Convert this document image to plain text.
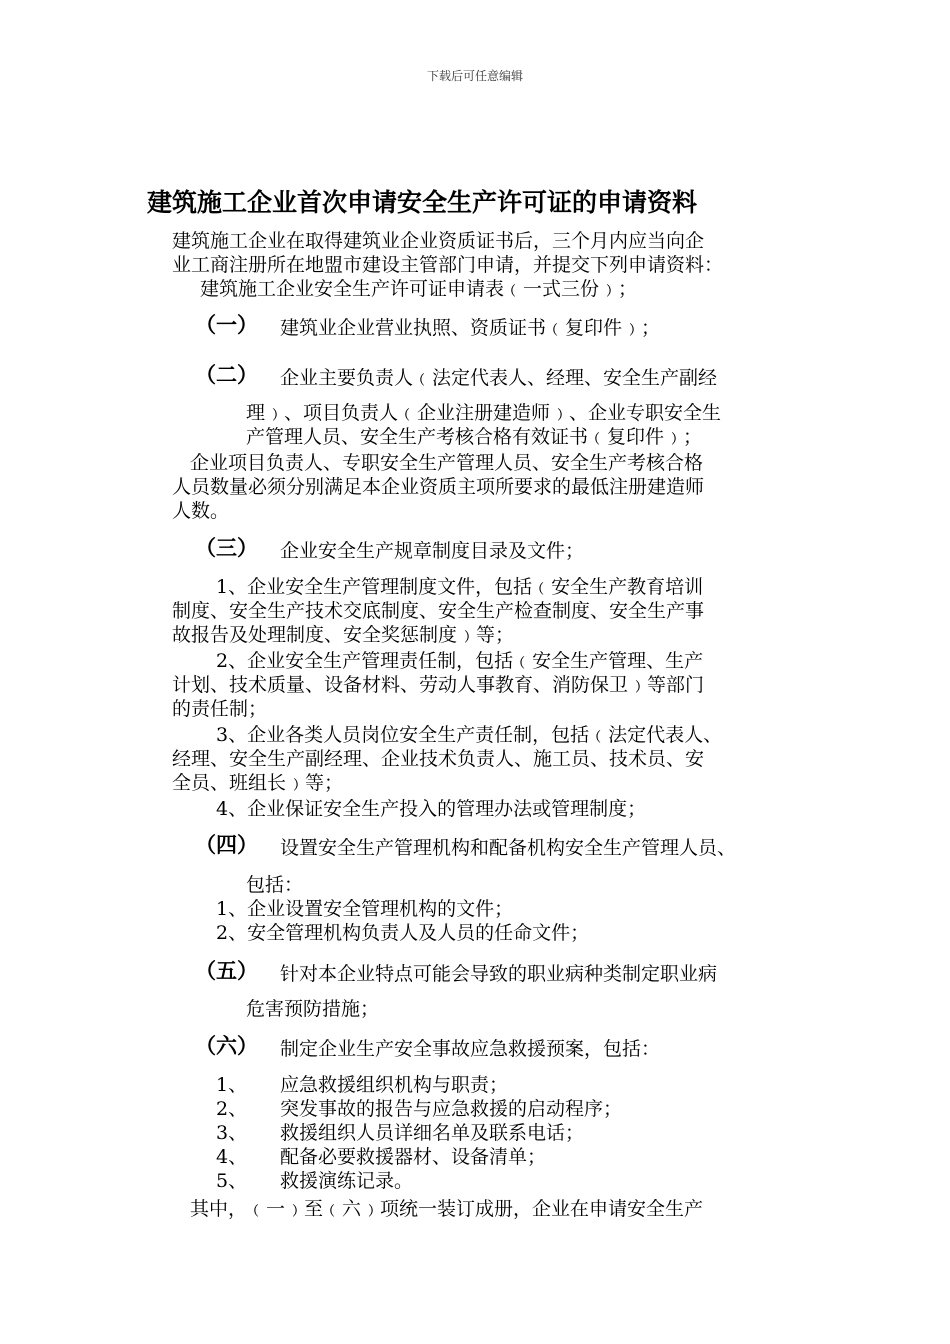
下载后可任意编辑
建筑施工企业首次申请安全生产许可证的申请资料
建筑施工企业在取得建筑业企业资质证书后，三个月内应当向企
业工商注册所在地盟市建设主管部门申请，并提交下列申请资料：
建筑施工企业安全生产许可证申请表﹙一式三份﹚；
（一） 建筑业企业营业执照、资质证书﹙复印件﹚；
（二） 企业主要负责人﹙法定代表人、经理、安全生产副经
理﹚、项目负责人﹙企业注册建造师﹚、企业专职安全生
产管理人员、安全生产考核合格有效证书﹙复印件﹚；
企业项目负责人、专职安全生产管理人员、安全生产考核合格
人员数量必须分别满足本企业资质主项所要求的最低注册建造师
人数。
（三） 企业安全生产规章制度目录及文件；
1、企业安全生产管理制度文件，包括﹙安全生产教育培训
制度、安全生产技术交底制度、安全生产检查制度、安全生产事
故报告及处理制度、安全奖惩制度﹚等；
2、企业安全生产管理责任制，包括﹙安全生产管理、生产
计划、技术质量、设备材料、劳动人事教育、消防保卫﹚等部门
的责任制；
3、企业各类人员岗位安全生产责任制，包括﹙法定代表人、
经理、安全生产副经理、企业技术负责人、施工员、技术员、安
全员、班组长﹚等；
4、企业保证安全生产投入的管理办法或管理制度；
（四） 设置安全生产管理机构和配备机构安全生产管理人员、
包括：
1、企业设置安全管理机构的文件；
2、安全管理机构负责人及人员的任命文件；
（五） 针对本企业特点可能会导致的职业病种类制定职业病
危害预防措施；
（六） 制定企业生产安全事故应急救援预案，包括：
1、 应急救援组织机构与职责；
2、 突发事故的报告与应急救援的启动程序；
3、 救援组织人员详细名单及联系电话；
4、 配备必要救援器材、设备清单；
5、 救援演练记录。
其中，﹙一﹚至﹙六﹚项统一装订成册，企业在申请安全生产
